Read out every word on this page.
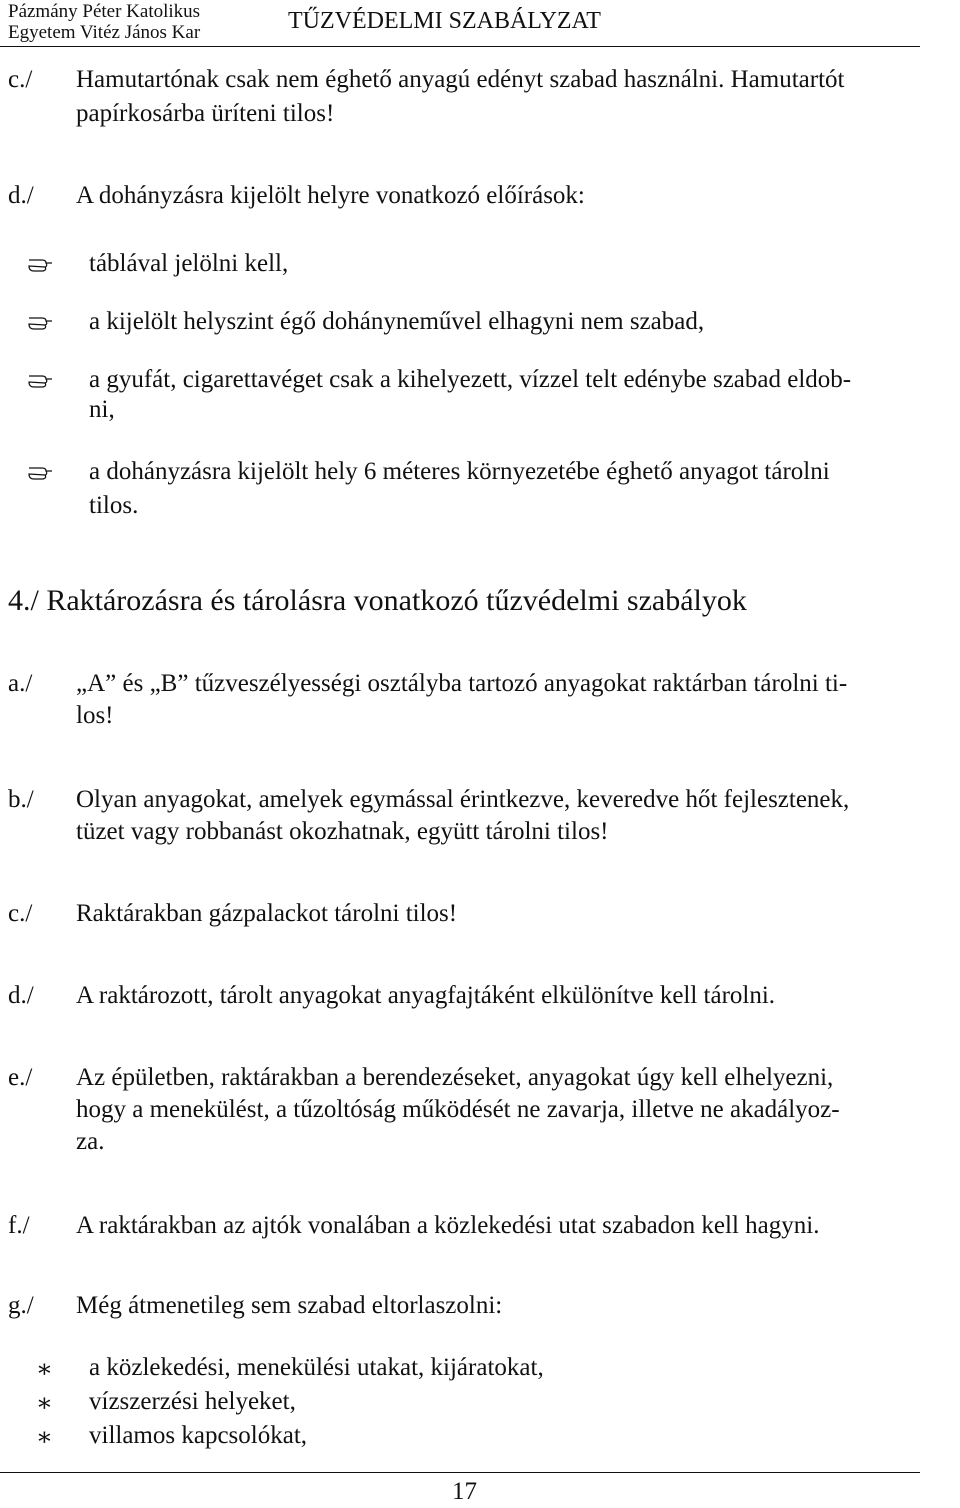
Pázmány Péter Katolikus
Egyetem Vitéz János Kar	TŰZVÉDELMI SZABÁLYZAT
c./ Hamutartónak csak nem éghető anyagú edényt szabad használni. Hamutartót
papírkosárba üríteni tilos!
d./ A dohányzásra kijelölt helyre vonatkozó előírások:
táblával jelölni kell,
a kijelölt helyszint égő dohányneművel elhagyni nem szabad,
a gyufát, cigarettavéget csak a kihelyezett, vízzel telt edénybe szabad eldob-
ni,
a dohányzásra kijelölt hely 6 méteres környezetébe éghető anyagot tárolni
tilos.
4./ Raktározásra és tárolásra vonatkozó tűzvédelmi szabályok
a./ „A” és „B” tűzveszélyességi osztályba tartozó anyagokat raktárban tárolni ti-
los!
b./ Olyan anyagokat, amelyek egymással érintkezve, keveredve hőt fejlesztenek,
tüzet vagy robbanást okozhatnak, együtt tárolni tilos!
c./ Raktárakban gázpalackot tárolni tilos!
d./ A raktározott, tárolt anyagokat anyagfajtáként elkülönítve kell tárolni.
e./ Az épületben, raktárakban a berendezéseket, anyagokat úgy kell elhelyezni,
hogy a menekülést, a tűzoltóság működését ne zavarja, illetve ne akadályoz-
za.
f./ A raktárakban az ajtók vonalában a közlekedési utat szabadon kell hagyni.
g./ Még átmenetileg sem szabad eltorlaszolni:
∗ a közlekedési, menekülési utakat, kijáratokat,
∗ vízszerzési helyeket,
∗ villamos kapcsolókat,
17
